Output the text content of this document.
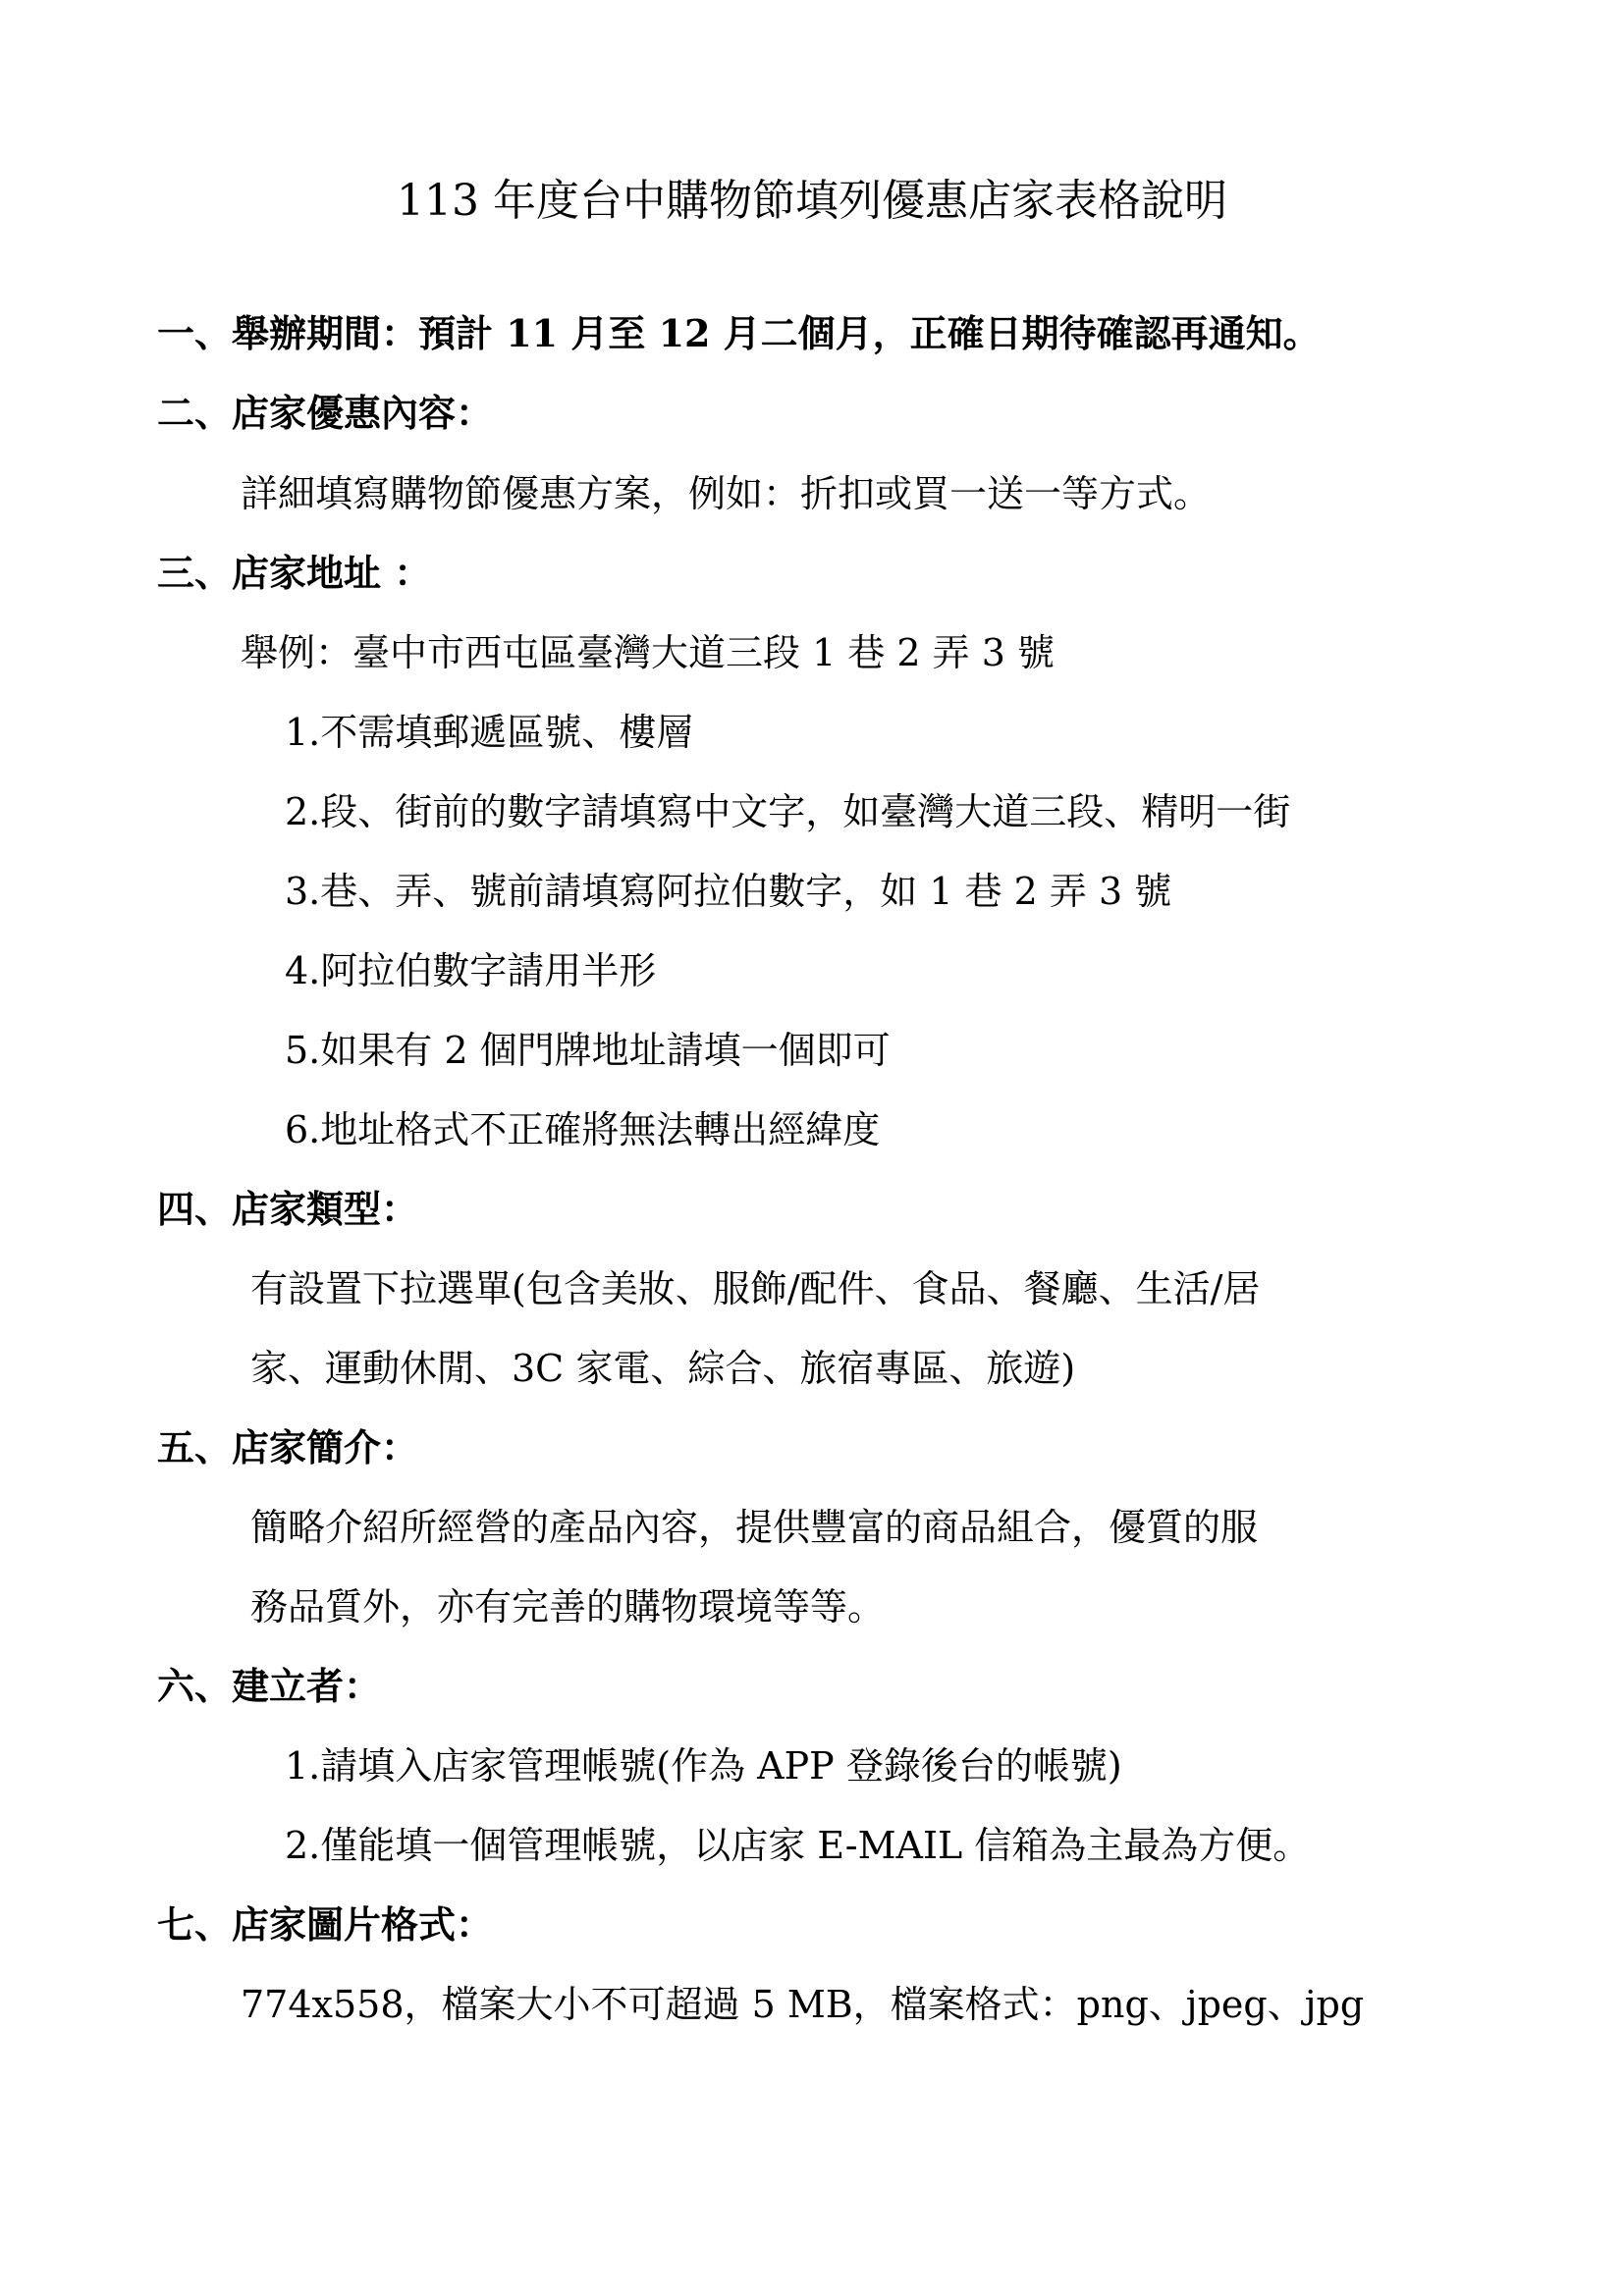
113 年度台中購物節填列優惠店家表格說明
一、舉辦期間：預計 11 月至 12 月二個月，正確日期待確認再通知。
二、店家優惠內容：
詳細填寫購物節優惠方案，例如：折扣或買一送一等方式。
三、店家地址 ：
舉例：臺中市西屯區臺灣大道三段 1 巷 2 弄 3 號
1.不需填郵遞區號、樓層
2.段、街前的數字請填寫中文字，如臺灣大道三段、精明一街
3.巷、弄、號前請填寫阿拉伯數字，如 1 巷 2 弄 3 號
4.阿拉伯數字請用半形
5.如果有 2 個門牌地址請填一個即可
6.地址格式不正確將無法轉出經緯度
四、店家類型：
有設置下拉選單(包含美妝、服飾/配件、食品、餐廳、生活/居
家、運動休閒、3C 家電、綜合、旅宿專區、旅遊)
五、店家簡介：
簡略介紹所經營的產品內容，提供豐富的商品組合，優質的服
務品質外，亦有完善的購物環境等等。
六、建立者：
1.請填入店家管理帳號(作為 APP 登錄後台的帳號)
2.僅能填一個管理帳號，以店家 E-MAIL 信箱為主最為方便。
七、店家圖片格式：
774x558，檔案大小不可超過 5 MB，檔案格式：png、jpeg、jpg
